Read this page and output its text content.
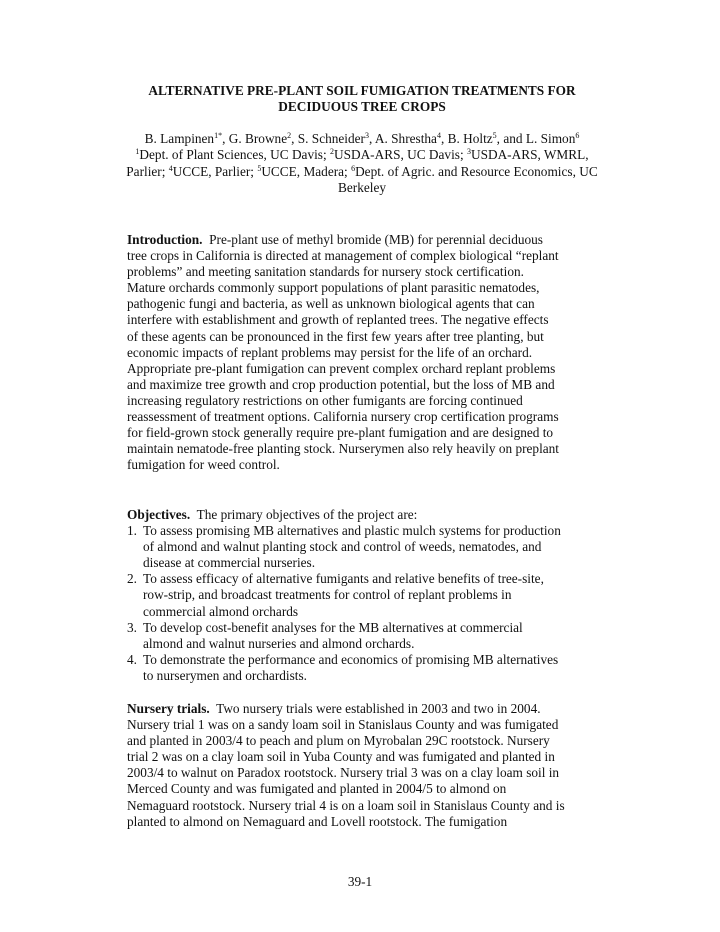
ALTERNATIVE PRE-PLANT SOIL FUMIGATION TREATMENTS FOR
DECIDUOUS TREE CROPS
B. Lampinen$^{1*}$, G. Browne$^2$, S. Schneider$^3$, A. Shrestha$^4$, B. Holtz$^5$, and L. Simon$^6$
$^1$Dept. of Plant Sciences, UC Davis; $^2$USDA-ARS, UC Davis; $^3$USDA-ARS, WMRL, Parlier; $^4$UCCE, Parlier; $^5$UCCE, Madera; $^6$Dept. of Agric. and Resource Economics, UC Berkeley
Introduction. Pre-plant use of methyl bromide (MB) for perennial deciduous
tree crops in California is directed at management of complex biological “replant
problems” and meeting sanitation standards for nursery stock certification.
Mature orchards commonly support populations of plant parasitic nematodes,
pathogenic fungi and bacteria, as well as unknown biological agents that can
interfere with establishment and growth of replanted trees. The negative effects
of these agents can be pronounced in the first few years after tree planting, but
economic impacts of replant problems may persist for the life of an orchard.
Appropriate pre-plant fumigation can prevent complex orchard replant problems
and maximize tree growth and crop production potential, but the loss of MB and
increasing regulatory restrictions on other fumigants are forcing continued
reassessment of treatment options. California nursery crop certification programs
for field-grown stock generally require pre-plant fumigation and are designed to
maintain nematode-free planting stock. Nurserymen also rely heavily on preplant
fumigation for weed control.
Objectives. The primary objectives of the project are:
1. To assess promising MB alternatives and plastic mulch systems for production
of almond and walnut planting stock and control of weeds, nematodes, and
disease at commercial nurseries.
2. To assess efficacy of alternative fumigants and relative benefits of tree-site,
row-strip, and broadcast treatments for control of replant problems in
commercial almond orchards
3. To develop cost-benefit analyses for the MB alternatives at commercial
almond and walnut nurseries and almond orchards.
4. To demonstrate the performance and economics of promising MB alternatives
to nurserymen and orchardists.
Nursery trials. Two nursery trials were established in 2003 and two in 2004.
Nursery trial 1 was on a sandy loam soil in Stanislaus County and was fumigated
and planted in 2003/4 to peach and plum on Myrobalan 29C rootstock. Nursery
trial 2 was on a clay loam soil in Yuba County and was fumigated and planted in
2003/4 to walnut on Paradox rootstock. Nursery trial 3 was on a clay loam soil in
Merced County and was fumigated and planted in 2004/5 to almond on
Nemaguard rootstock. Nursery trial 4 is on a loam soil in Stanislaus County and is
planted to almond on Nemaguard and Lovell rootstock. The fumigation
39-1
